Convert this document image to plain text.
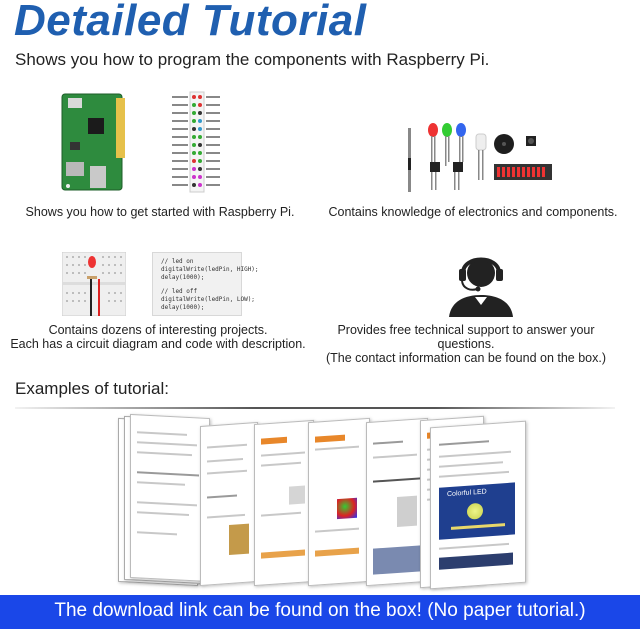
Detailed Tutorial
Shows you how to program the components with Raspberry Pi.
Shows you how to get started with Raspberry Pi.	Contains knowledge of electronics and components.
// led on
digitalWrite(ledPin, HIGH);
delay(1000);
// led off
digitalWrite(ledPin, LOW);
delay(1000);
Contains dozens of interesting projects.
Each has a circuit diagram and code with description.
Provides free technical support to answer your questions.
(The contact information can be found on the box.)
Examples of tutorial:
Colorful LED
The download link can be found on the box! (No paper tutorial.)
